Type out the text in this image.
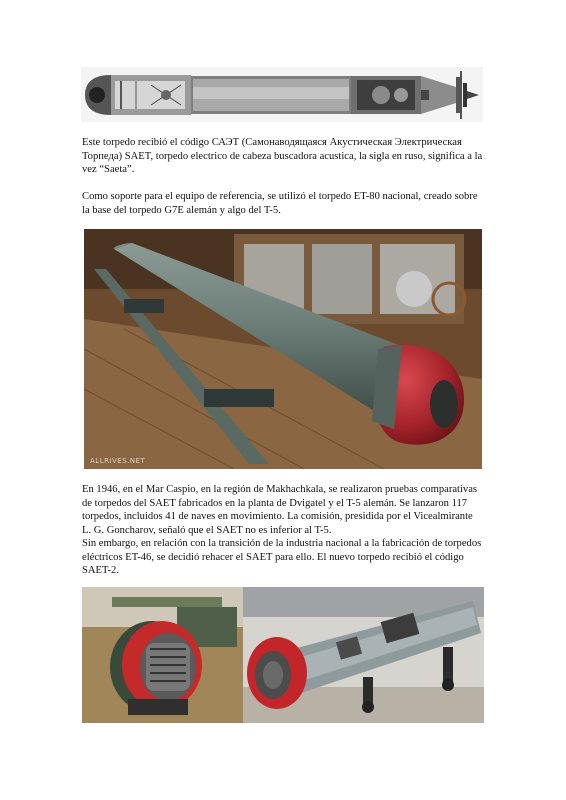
Este torpedo recibió el código САЭТ (Самонаводящаяся Акустическая Электрическая Торпеда) SAET, torpedo electrico de cabeza buscadora acustica, la sigla en ruso, significa a la vez “Saeta”.

Como soporte para el equipo de referencia, se utilizó el torpedo ET-80 nacional, creado sobre la base del torpedo G7E alemán y algo del T-5.

ALLRIVES.NET

En 1946, en el Mar Caspio, en la región de Makhachkala, se realizaron pruebas comparativas de torpedos del SAET fabricados en la planta de Dvigatel y el T-5 alemán. Se lanzaron 117 torpedos, incluidos 41 de naves en movimiento. La comisión, presidida por el Vicealmirante L. G. Goncharov, señaló que el SAET no es inferior al T-5.

Sin embargo, en relación con la transición de la industria nacional a la fabricación de torpedos eléctricos ET-46, se decidió rehacer el SAET para ello. El nuevo torpedo recibió el código SAET-2.
